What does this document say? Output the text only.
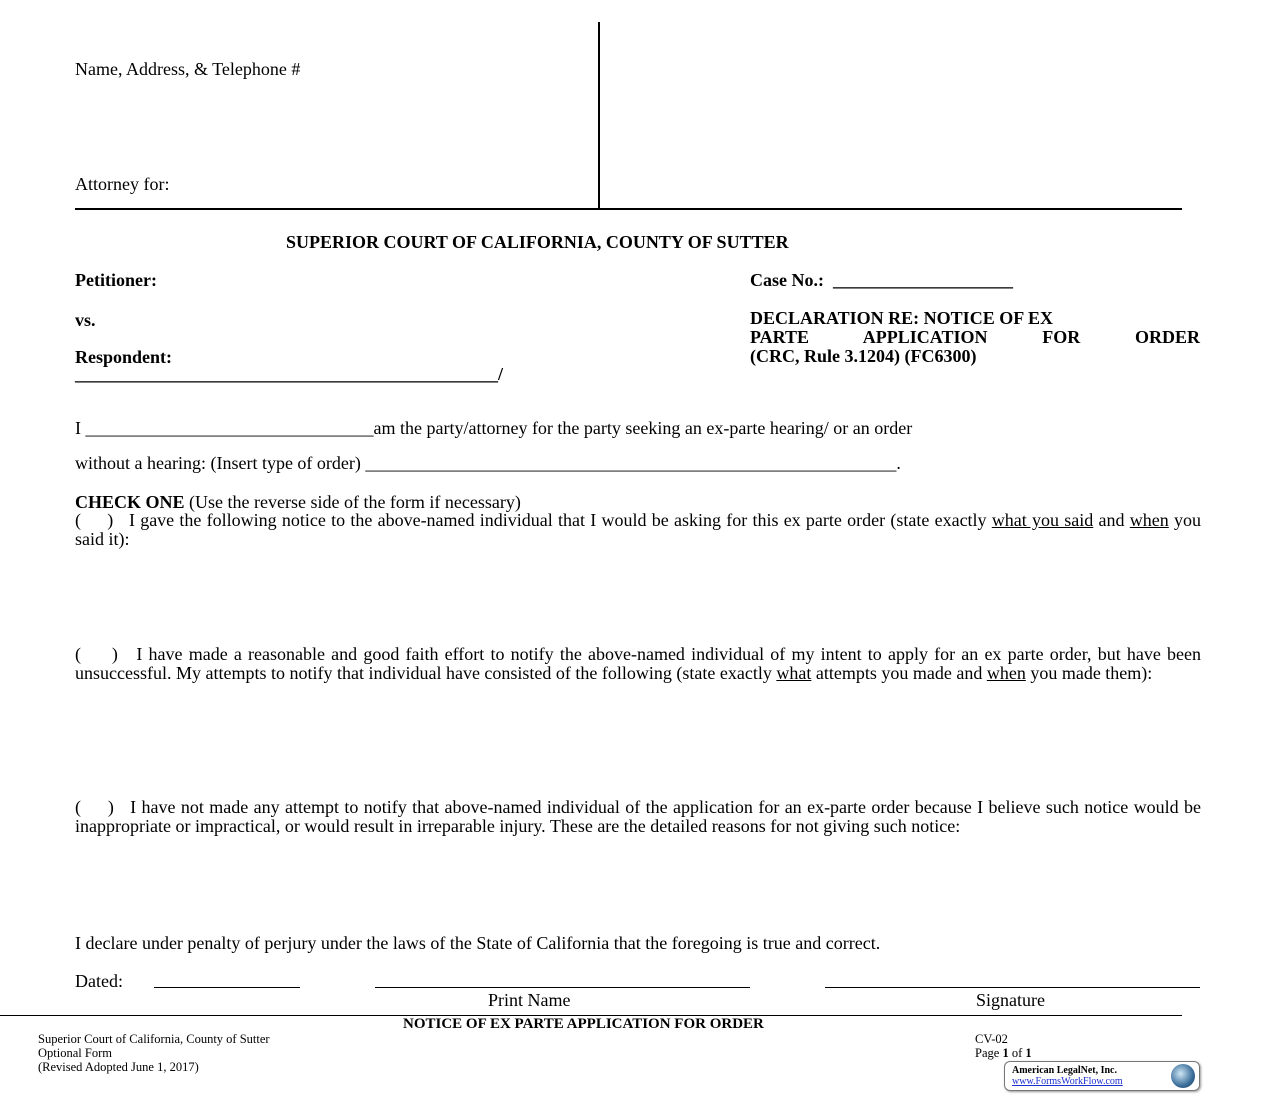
Name, Address, & Telephone #
Attorney for:
SUPERIOR COURT OF CALIFORNIA, COUNTY OF SUTTER
Petitioner:
vs.
Respondent:
_______________________________________________/
Case No.: ____________________
DECLARATION RE: NOTICE OF EX
PARTE APPLICATION FOR ORDER
(CRC, Rule 3.1204) (FC6300)
I ________________________________am the party/attorney for the party seeking an ex-parte hearing/ or an order
without a hearing: (Insert type of order) ___________________________________________________________.
CHECK ONE (Use the reverse side of the form if necessary)
(     ) I gave the following notice to the above-named individual that I would be asking for this ex parte order (state exactly what you said and when you said it):
(     ) I have made a reasonable and good faith effort to notify the above-named individual of my intent to apply for an ex parte order, but have been unsuccessful. My attempts to notify that individual have consisted of the following (state exactly what attempts you made and when you made them):
(     ) I have not made any attempt to notify that above-named individual of the application for an ex-parte order because I believe such notice would be inappropriate or impractical, or would result in irreparable injury. These are the detailed reasons for not giving such notice:
I declare under penalty of perjury under the laws of the State of California that the foregoing is true and correct.
Dated:
Print Name	Signature
NOTICE OF EX PARTE APPLICATION FOR ORDER
Superior Court of California, County of Sutter
Optional Form
(Revised Adopted June 1, 2017)
CV-02
Page 1 of 1
American LegalNet, Inc.
www.FormsWorkFlow.com
